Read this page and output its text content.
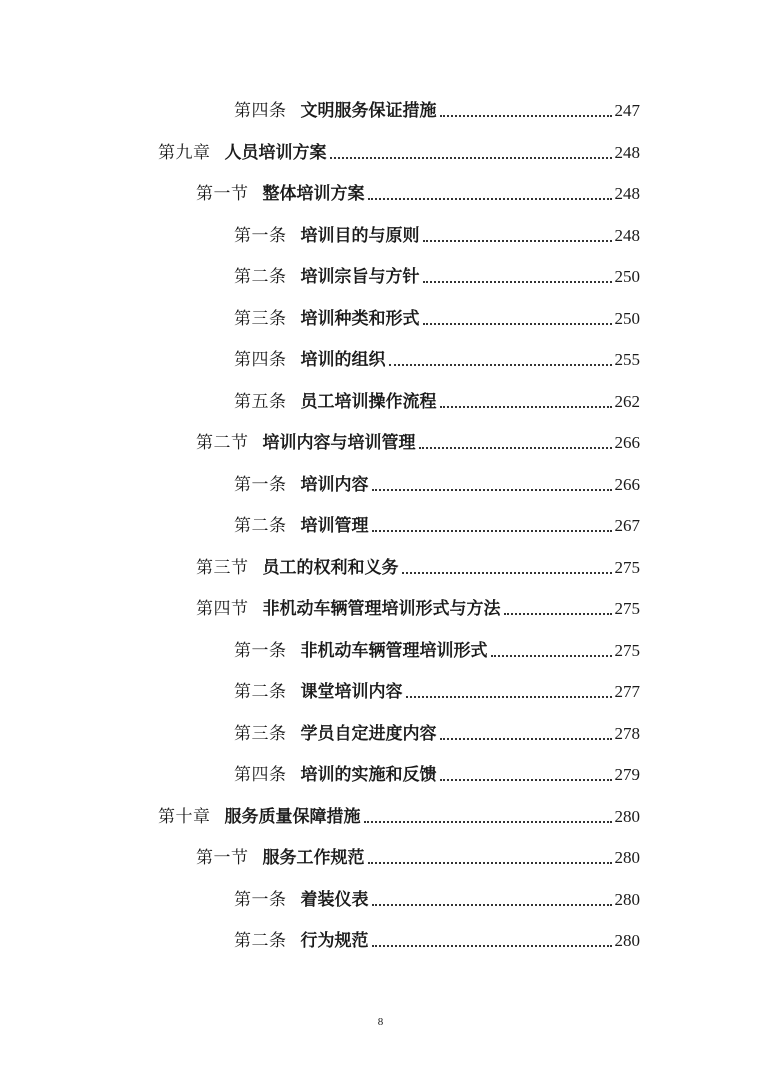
第四条 文明服务保证措施	247
第九章 人员培训方案	248
第一节 整体培训方案	248
第一条 培训目的与原则	248
第二条 培训宗旨与方针	250
第三条 培训种类和形式	250
第四条 培训的组织	255
第五条 员工培训操作流程	262
第二节 培训内容与培训管理	266
第一条 培训内容	266
第二条 培训管理	267
第三节 员工的权利和义务	275
第四节 非机动车辆管理培训形式与方法	275
第一条 非机动车辆管理培训形式	275
第二条 课堂培训内容	277
第三条 学员自定进度内容	278
第四条 培训的实施和反馈	279
第十章 服务质量保障措施	280
第一节 服务工作规范	280
第一条 着装仪表	280
第二条 行为规范	280
8
